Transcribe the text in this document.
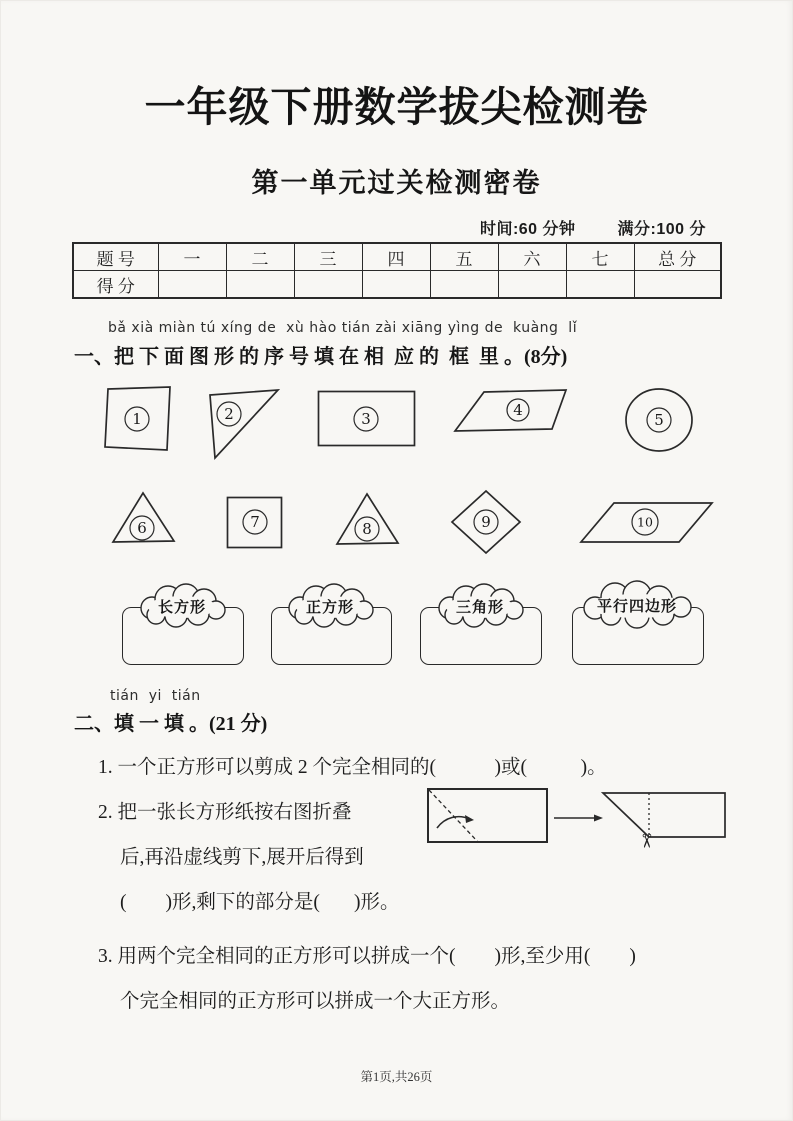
一年级下册数学拔尖检测卷
第一单元过关检测密卷
时间:60 分钟	满分:100 分
题 号	一	二	三	四	五	六	七	总 分
得 分								
bǎ xià miàn tú xíng de  xù hào tián zài xiāng yìng de  kuàng  lǐ
一、把 下 面 图 形 的 序 号 填 在 相  应 的  框  里 。(8分)
1	2	3	4
5
6	7	8	9	10
长方形	正方形	三角形	平行四边形
tián  yi  tián
二、填 一 填 。(21 分)
1. 一个正方形可以剪成 2 个完全相同的(            )或(           )。
2. 把一张长方形纸按右图折叠
后,再沿虚线剪下,展开后得到
(        )形,剩下的部分是(       )形。
✂
3. 用两个完全相同的正方形可以拼成一个(        )形,至少用(        )
个完全相同的正方形可以拼成一个大正方形。
第1页,共26页
